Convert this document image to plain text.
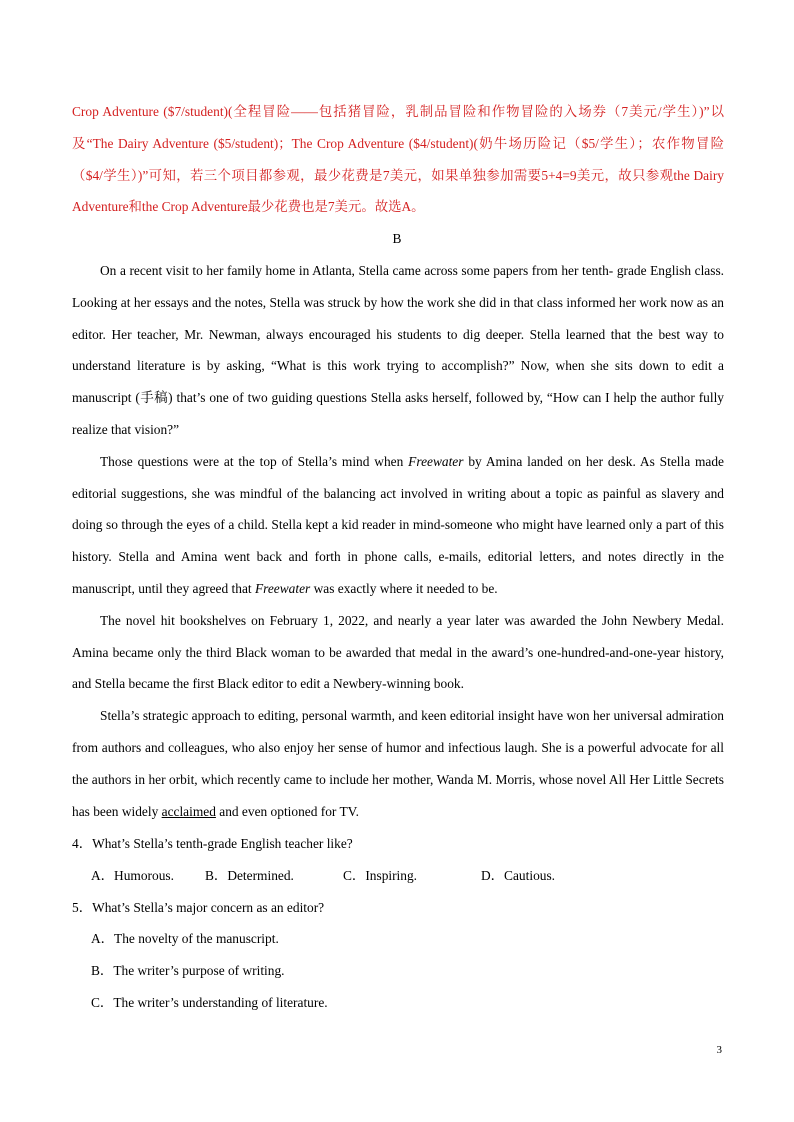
Crop Adventure ($7/student)(全程冒险——包括猪冒险，乳制品冒险和作物冒险的入场券（7美元/学生）)”以及“The Dairy Adventure ($5/student)；The Crop Adventure ($4/student)(奶牛场历险记（$5/学生）；农作物冒险（$4/学生）)”可知，若三个项目都参观，最少花费是7美元，如果单独参加需要5+4=9美元，故只参观the Dairy Adventure和the Crop Adventure最少花费也是7美元。故选A。

B

On a recent visit to her family home in Atlanta, Stella came across some papers from her tenth- grade English class. Looking at her essays and the notes, Stella was struck by how the work she did in that class informed her work now as an editor. Her teacher, Mr. Newman, always encouraged his students to dig deeper. Stella learned that the best way to understand literature is by asking, “What is this work trying to accomplish?” Now, when she sits down to edit a manuscript (手稿) that’s one of two guiding questions Stella asks herself, followed by, “How can I help the author fully realize that vision?”

Those questions were at the top of Stella’s mind when Freewater by Amina landed on her desk. As Stella made editorial suggestions, she was mindful of the balancing act involved in writing about a topic as painful as slavery and doing so through the eyes of a child. Stella kept a kid reader in mind-someone who might have learned only a part of this history. Stella and Amina went back and forth in phone calls, e-mails, editorial letters, and notes directly in the manuscript, until they agreed that Freewater was exactly where it needed to be.

The novel hit bookshelves on February 1, 2022, and nearly a year later was awarded the John Newbery Medal. Amina became only the third Black woman to be awarded that medal in the award’s one-hundred-and-one-year history, and Stella became the first Black editor to edit a Newbery-winning book.

Stella’s strategic approach to editing, personal warmth, and keen editorial insight have won her universal admiration from authors and colleagues, who also enjoy her sense of humor and infectious laugh. She is a powerful advocate for all the authors in her orbit, which recently came to include her mother, Wanda M. Morris, whose novel All Her Little Secrets has been widely acclaimed and even optioned for TV.

4．What’s Stella’s tenth-grade English teacher like?

A．Humorous.	B．Determined.	C．Inspiring.	D．Cautious.

5．What’s Stella’s major concern as an editor?

A．The novelty of the manuscript.

B．The writer’s purpose of writing.

C．The writer’s understanding of literature.

3
